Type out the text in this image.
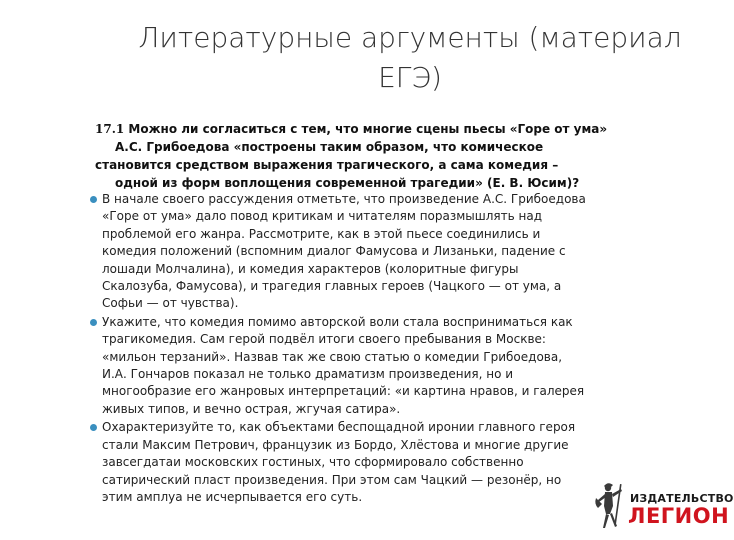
Литературные аргументы (материал
ЕГЭ)
17.1 Можно ли согласиться с тем, что многие сцены пьесы «Горе от ума»
А.С. Грибоедова «построены таким образом, что комическое
становится средством выражения трагического, а сама комедия –
одной из форм воплощения современной трагедии» (Е. В. Юсим)?
В начале своего рассуждения отметьте, что произведение А.С. Грибоедова
«Горе от ума» дало повод критикам и читателям поразмышлять над
проблемой его жанра. Рассмотрите, как в этой пьесе соединились и
комедия положений (вспомним диалог Фамусова и Лизаньки, падение с
лошади Молчалина), и комедия характеров (колоритные фигуры
Скалозуба, Фамусова), и трагедия главных героев (Чацкого — от ума, а
Софьи — от чувства).
Укажите, что комедия помимо авторской воли стала восприниматься как
трагикомедия. Сам герой подвёл итоги своего пребывания в Москве:
«мильон терзаний». Назвав так же свою статью о комедии Грибоедова,
И.А. Гончаров показал не только драматизм произведения, но и
многообразие его жанровых интерпретаций: «и картина нравов, и галерея
живых типов, и вечно острая, жгучая сатира».
Охарактеризуйте то, как объектами беспощадной иронии главного героя
стали Максим Петрович, французик из Бордо, Хлёстова и многие другие
завсегдатаи московских гостиных, что сформировало собственно
сатирический пласт произведения. При этом сам Чацкий — резонёр, но
этим амплуа не исчерпывается его суть.	ИЗДАТЕЛЬСТВО
ЛЕГИОН
